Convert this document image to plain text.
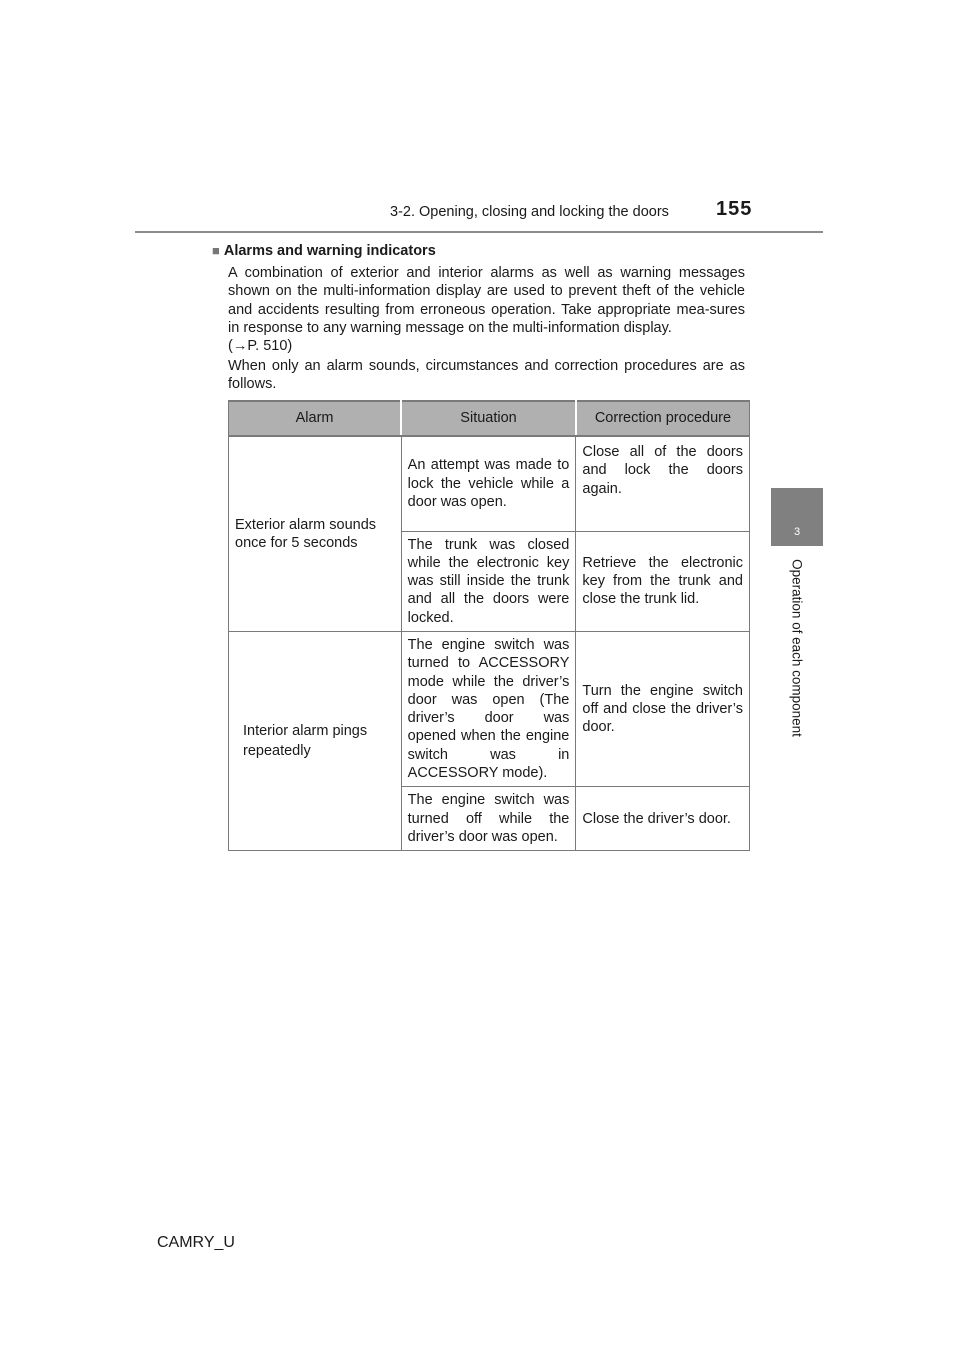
3-2. Opening, closing and locking the doors	155
3
Operation of each component
■ Alarms and warning indicators
A combination of exterior and interior alarms as well as warning messages shown on the multi-information display are used to prevent theft of the vehicle and accidents resulting from erroneous operation. Take appropriate mea-sures in response to any warning message on the multi-information display.
(→P. 510)
When only an alarm sounds, circumstances and correction procedures are as follows.
Alarm	Situation	Correction procedure
Exterior alarm sounds once for 5 seconds	An attempt was made to lock the vehicle while a door was open.	Close all of the doors and lock the doors again.
	The trunk was closed while the electronic key was still inside the trunk and all the doors were locked.	Retrieve the electronic key from the trunk and close the trunk lid.
Interior alarm pings repeatedly	The engine switch was turned to ACCESSORY mode while the driver’s door was open (The driver’s door was opened when the engine switch was in ACCESSORY mode).	Turn the engine switch off and close the driver’s door.
	The engine switch was turned off while the driver’s door was open.	Close the driver’s door.
CAMRY_U
